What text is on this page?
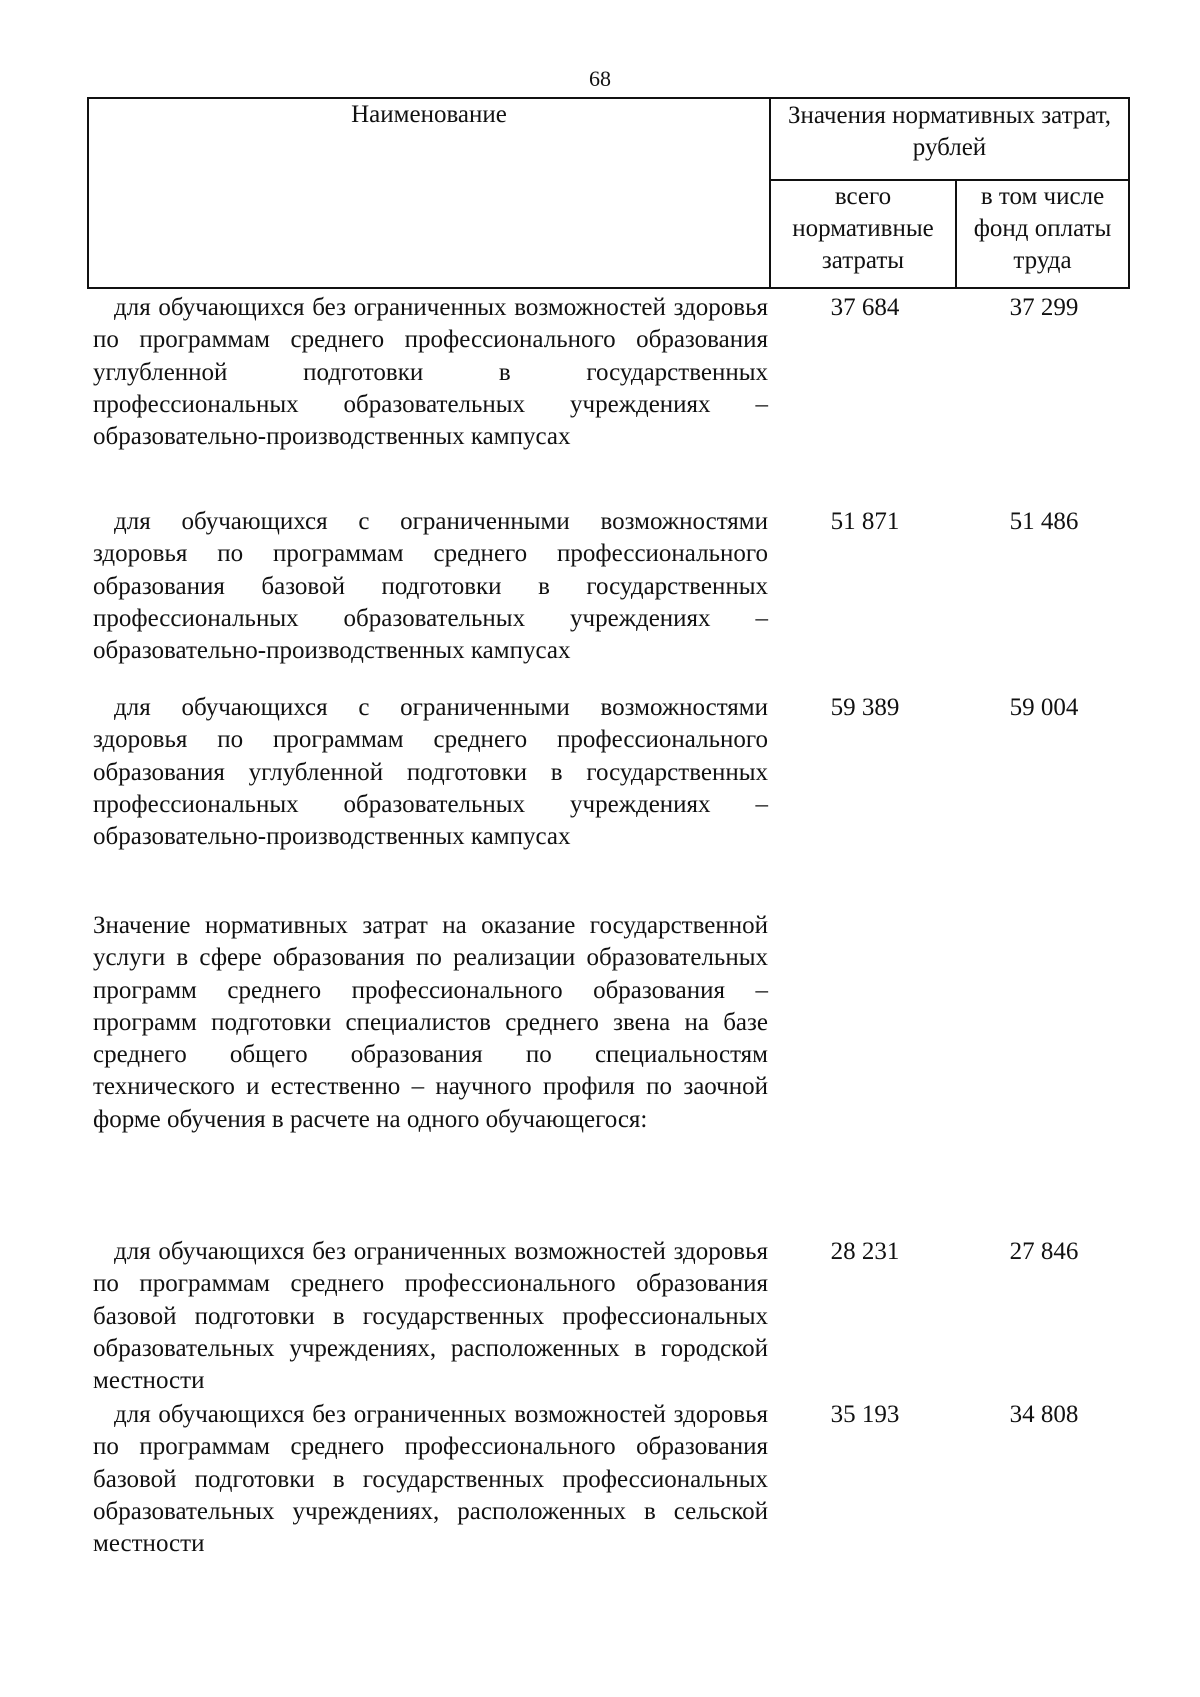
68
Наименование	Значения нормативных затрат, рублей
всего нормативные затраты
в том числе фонд оплаты труда
для обучающихся без ограниченных возможностей здоровья по программам среднего профессионального образования углубленной подготовки в государственных профессиональных образовательных учреждениях – образовательно-производственных кампусах
37 684	37 299
для обучающихся с ограниченными возможностями здоровья по программам среднего профессионального образования базовой подготовки в государственных профессиональных образовательных учреждениях – образовательно-производственных кампусах
51 871	51 486
для обучающихся с ограниченными возможностями здоровья по программам среднего профессионального образования углубленной подготовки в государственных профессиональных образовательных учреждениях – образовательно-производственных кампусах
59 389	59 004
Значение нормативных затрат на оказание государственной услуги в сфере образования по реализации образовательных программ среднего профессионального образования – программ подготовки специалистов среднего звена на базе среднего общего образования по специальностям технического и естественно – научного профиля по заочной форме обучения в расчете на одного обучающегося:
для обучающихся без ограниченных возможностей здоровья по программам среднего профессионального образования базовой подготовки в государственных профессиональных образовательных учреждениях, расположенных в городской местности
28 231	27 846
для обучающихся без ограниченных возможностей здоровья по программам среднего профессионального образования базовой подготовки в государственных профессиональных образовательных учреждениях, расположенных в сельской местности
35 193	34 808
